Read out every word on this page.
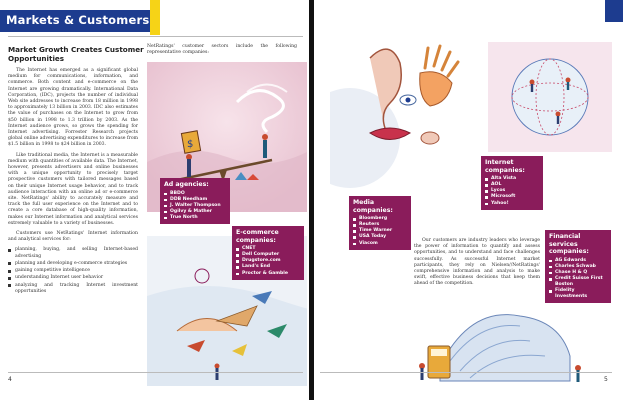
Markets & Customers
Market Growth Creates Customer Opportunities

The Internet has emerged as a significant global medium for communications, information, and commerce. Both content and e-commerce on the Internet are growing dramatically. International Data Corporation, (IDC), projects the number of individual Web site addresses to increase from 18 million in 1998 to approximately 13 billion in 2003. IDC also estimates the value of purchases on the Internet to grow from $50 billion in 1998 to 1.3 trillion by 2003. As the Internet audience grows, so grows the spending for Internet advertising. Forrester Research projects global online advertising expenditures to increase from $1.5 billion in 1998 to $24 billion in 2003.

Like traditional media, the Internet is a measurable medium with quantities of available data. The Internet, however, presents advertisers and online businesses with a unique opportunity to precisely target prospective customers with tailored messages based on their unique Internet usage behavior, and to track audience interaction with an online ad or e-commerce site. NetRatings' ability to accurately measure and track the full user experience on the Internet and to create a core database of high-quality information, makes our Internet information and analytical services extremely valuable to a variety of businesses.

Customers use NetRatings' Internet information and analytical services for:

planning, buying, and selling Internet-based advertising
planning and developing e-commerce strategies
gaining competitive intelligence
understanding Internet user behavior
analyzing and tracking Internet investment opportunities
NetRatings' customer sectors include the following representative companies:
$
Ad agencies:
BBDO
DDB Needham
J. Walter Thompson
Ogilvy & Mather
True North
E-commerce companies:
CNET
Dell Computer
Drugstore.com
Land's End
Proctor & Gamble
4
Media companies:
Bloomberg
Reuters
Time Warner
USA Today
Viacom
Internet companies:
Alta Vista
AOL
Lycos
Microsoft
Yahoo!
Financial services companies:
AG Edwards
Charles Schwab
Chase H & Q
Credit Suisse First Boston
Fidelity Investments

Our customers are industry leaders who leverage the power of information to quantify and assess opportunities, and to understand and face challenges successfully. As successful Internet market participants, they rely on Nielsen//NetRatings' comprehensive information and analysis to make swift, effective business decisions that keep them ahead of the competition.

5
